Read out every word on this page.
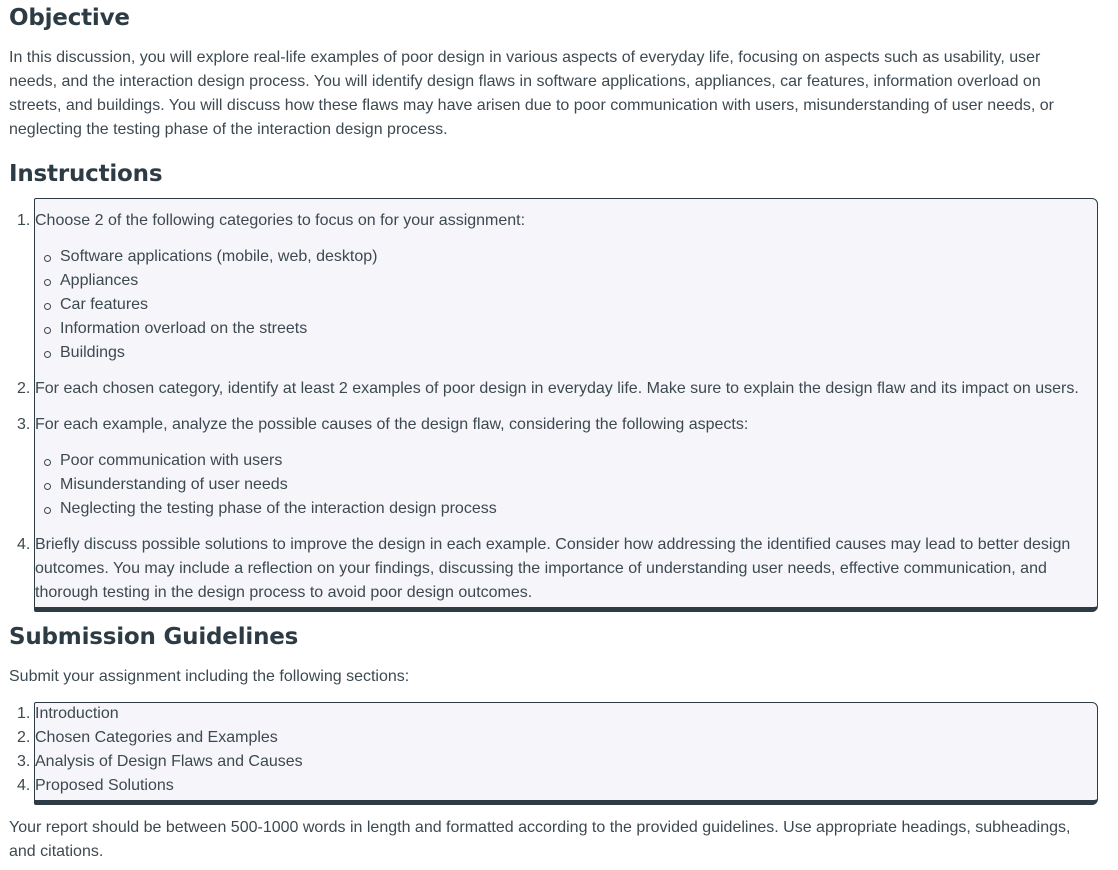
Objective

In this discussion, you will explore real-life examples of poor design in various aspects of everyday life, focusing on aspects such as usability, user needs, and the interaction design process. You will identify design flaws in software applications, appliances, car features, information overload on streets, and buildings. You will discuss how these flaws may have arisen due to poor communication with users, misunderstanding of user needs, or neglecting the testing phase of the interaction design process.

Instructions
1. Choose 2 of the following categories to focus on for your assignment:
Software applications (mobile, web, desktop)
Appliances
Car features
Information overload on the streets
Buildings
2. For each chosen category, identify at least 2 examples of poor design in everyday life. Make sure to explain the design flaw and its impact on users.
3. For each example, analyze the possible causes of the design flaw, considering the following aspects:
Poor communication with users
Misunderstanding of user needs
Neglecting the testing phase of the interaction design process
4. Briefly discuss possible solutions to improve the design in each example. Consider how addressing the identified causes may lead to better design
outcomes. You may include a reflection on your findings, discussing the importance of understanding user needs, effective communication, and
thorough testing in the design process to avoid poor design outcomes.
Submission Guidelines

Submit your assignment including the following sections:

1. Introduction
2. Chosen Categories and Examples
3. Analysis of Design Flaws and Causes
4. Proposed Solutions

Your report should be between 500-1000 words in length and formatted according to the provided guidelines. Use appropriate headings, subheadings, and citations.
